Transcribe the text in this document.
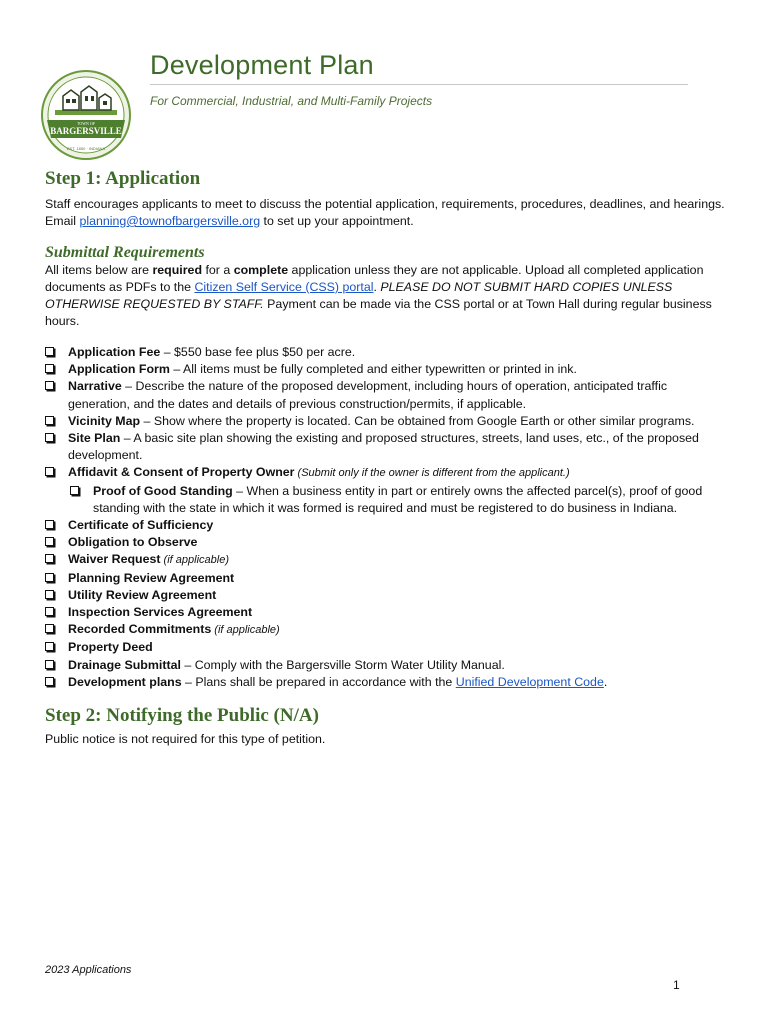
TOWN OF
BARGERSVILLE
EST. 1850 · INDIANA
Development Plan
For Commercial, Industrial, and Multi-Family Projects
Step 1: Application

Staff encourages applicants to meet to discuss the potential application, requirements, procedures, deadlines, and hearings. Email planning@townofbargersville.org to set up your appointment.

Submittal Requirements

All items below are required for a complete application unless they are not applicable. Upload all completed application documents as PDFs to the Citizen Self Service (CSS) portal. PLEASE DO NOT SUBMIT HARD COPIES UNLESS OTHERWISE REQUESTED BY STAFF. Payment can be made via the CSS portal or at Town Hall during regular business hours.

Application Fee – $550 base fee plus $50 per acre.
Application Form – All items must be fully completed and either typewritten or printed in ink.
Narrative – Describe the nature of the proposed development, including hours of operation, anticipated traffic generation, and the dates and details of previous construction/permits, if applicable.
Vicinity Map – Show where the property is located. Can be obtained from Google Earth or other similar programs.
Site Plan – A basic site plan showing the existing and proposed structures, streets, land uses, etc., of the proposed development.
Affidavit & Consent of Property Owner (Submit only if the owner is different from the applicant.)
Proof of Good Standing – When a business entity in part or entirely owns the affected parcel(s), proof of good standing with the state in which it was formed is required and must be registered to do business in Indiana.
Certificate of Sufficiency
Obligation to Observe
Waiver Request (if applicable)
Planning Review Agreement
Utility Review Agreement
Inspection Services Agreement
Recorded Commitments (if applicable)
Property Deed
Drainage Submittal – Comply with the Bargersville Storm Water Utility Manual.
Development plans – Plans shall be prepared in accordance with the Unified Development Code.
Step 2: Notifying the Public (N/A)

Public notice is not required for this type of petition.

2023 Applications
1
